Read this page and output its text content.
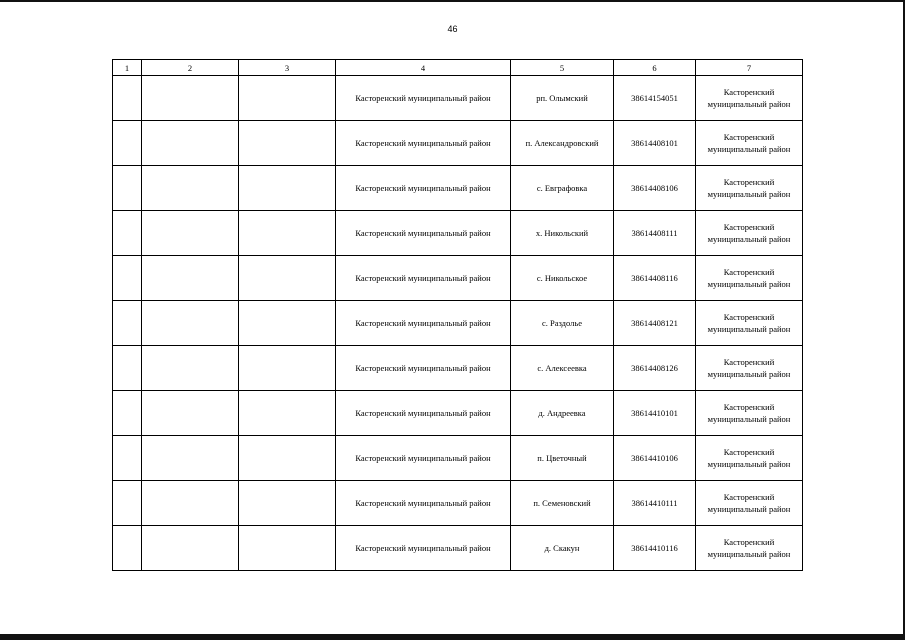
46
1	2	3	4	5	6	7
			Касторенский муниципальный район	рп. Олымский	38614154051	Касторенский муниципальный район
			Касторенский муниципальный район	п. Александровский	38614408101	Касторенский муниципальный район
			Касторенский муниципальный район	с. Евграфовка	38614408106	Касторенский муниципальный район
			Касторенский муниципальный район	х. Никольский	38614408111	Касторенский муниципальный район
			Касторенский муниципальный район	с. Никольское	38614408116	Касторенский муниципальный район
			Касторенский муниципальный район	с. Раздолье	38614408121	Касторенский муниципальный район
			Касторенский муниципальный район	с. Алексеевка	38614408126	Касторенский муниципальный район
			Касторенский муниципальный район	д. Андреевка	38614410101	Касторенский муниципальный район
			Касторенский муниципальный район	п. Цветочный	38614410106	Касторенский муниципальный район
			Касторенский муниципальный район	п. Семеновский	38614410111	Касторенский муниципальный район
			Касторенский муниципальный район	д. Скакун	38614410116	Касторенский муниципальный район
